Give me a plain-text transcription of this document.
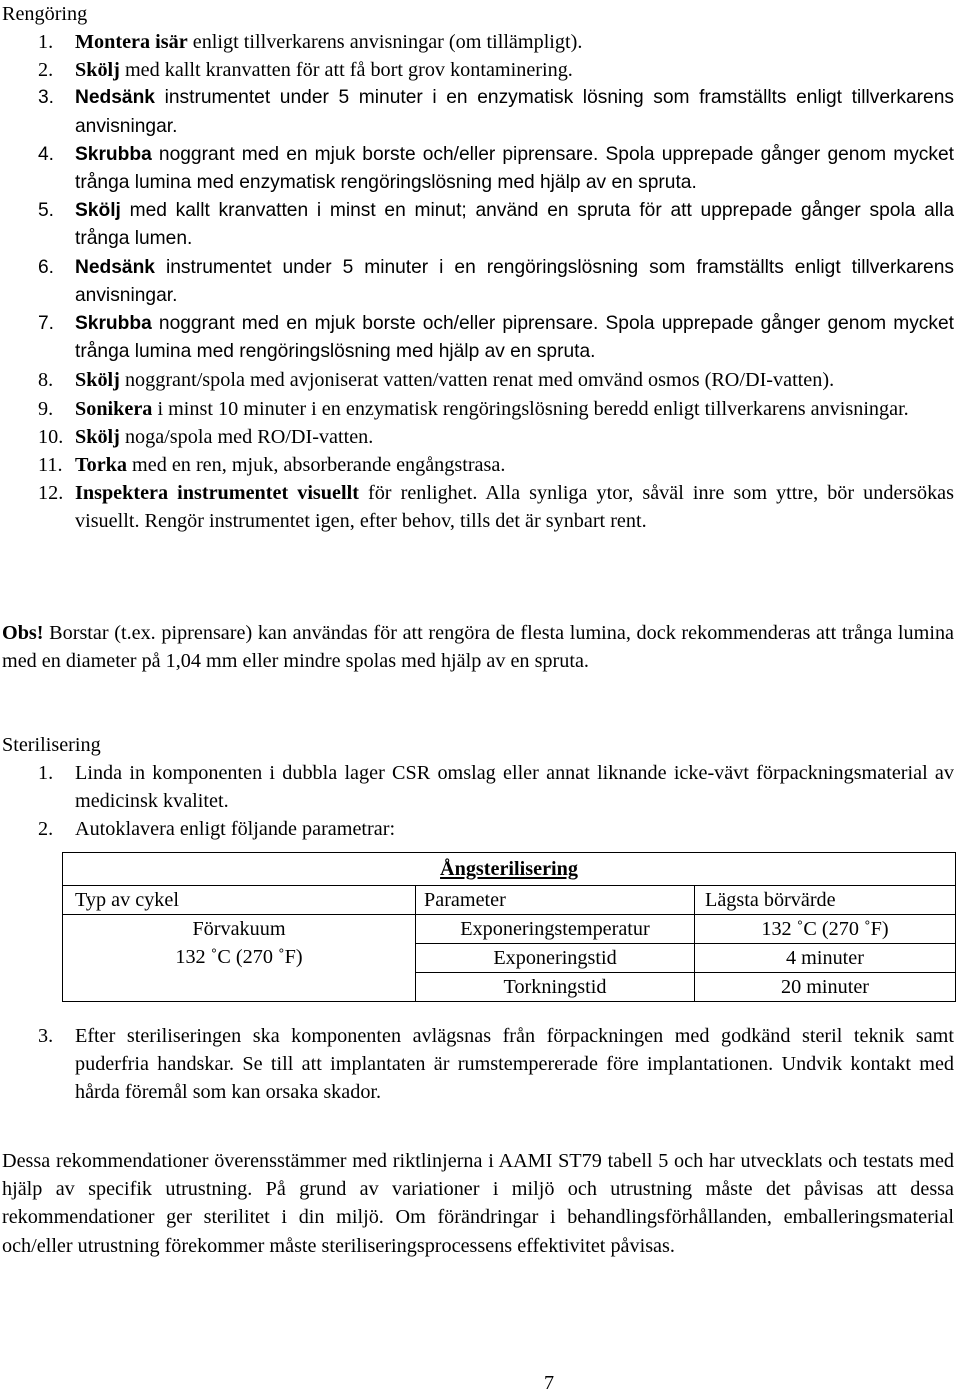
Rengöring
1. Montera isär enligt tillverkarens anvisningar (om tillämpligt).
2. Skölj med kallt kranvatten för att få bort grov kontaminering.
3. Nedsänk instrumentet under 5 minuter i en enzymatisk lösning som framställts enligt tillverkarens anvisningar.
4. Skrubba noggrant med en mjuk borste och/eller piprensare. Spola upprepade gånger genom mycket trånga lumina med enzymatisk rengöringslösning med hjälp av en spruta.
5. Skölj med kallt kranvatten i minst en minut; använd en spruta för att upprepade gånger spola alla trånga lumen.
6. Nedsänk instrumentet under 5 minuter i en rengöringslösning som framställts enligt tillverkarens anvisningar.
7. Skrubba noggrant med en mjuk borste och/eller piprensare. Spola upprepade gånger genom mycket trånga lumina med rengöringslösning med hjälp av en spruta.
8. Skölj noggrant/spola med avjoniserat vatten/vatten renat med omvänd osmos (RO/DI-vatten).
9. Sonikera i minst 10 minuter i en enzymatisk rengöringslösning beredd enligt tillverkarens anvisningar.
10. Skölj noga/spola med RO/DI-vatten.
11. Torka med en ren, mjuk, absorberande engångstrasa.
12. Inspektera instrumentet visuellt för renlighet. Alla synliga ytor, såväl inre som yttre, bör undersökas visuellt. Rengör instrumentet igen, efter behov, tills det är synbart rent.
Obs! Borstar (t.ex. piprensare) kan användas för att rengöra de flesta lumina, dock rekommenderas att trånga lumina med en diameter på 1,04 mm eller mindre spolas med hjälp av en spruta.
Sterilisering
1. Linda in komponenten i dubbla lager CSR omslag eller annat liknande icke-vävt förpackningsmaterial av medicinsk kvalitet.
2. Autoklavera enligt följande parametrar:
Ångsterilisering		
Typ av cykel	Parameter	Lägsta börvärde

Förvakuum
132 ˚C (270 ˚F)	Exponeringstemperatur	132 ˚C (270 ˚F)
	Exponeringstid	4 minuter
	Torkningstid	20 minuter
3. Efter steriliseringen ska komponenten avlägsnas från förpackningen med godkänd steril teknik samt puderfria handskar. Se till att implantaten är rumstempererade före implantationen. Undvik kontakt med hårda föremål som kan orsaka skador.
Dessa rekommendationer överensstämmer med riktlinjerna i AAMI ST79 tabell 5 och har utvecklats och testats med hjälp av specifik utrustning. På grund av variationer i miljö och utrustning måste det påvisas att dessa rekommendationer ger sterilitet i din miljö. Om förändringar i behandlingsförhållanden, emballeringsmaterial och/eller utrustning förekommer måste steriliseringsprocessens effektivitet påvisas.
7
